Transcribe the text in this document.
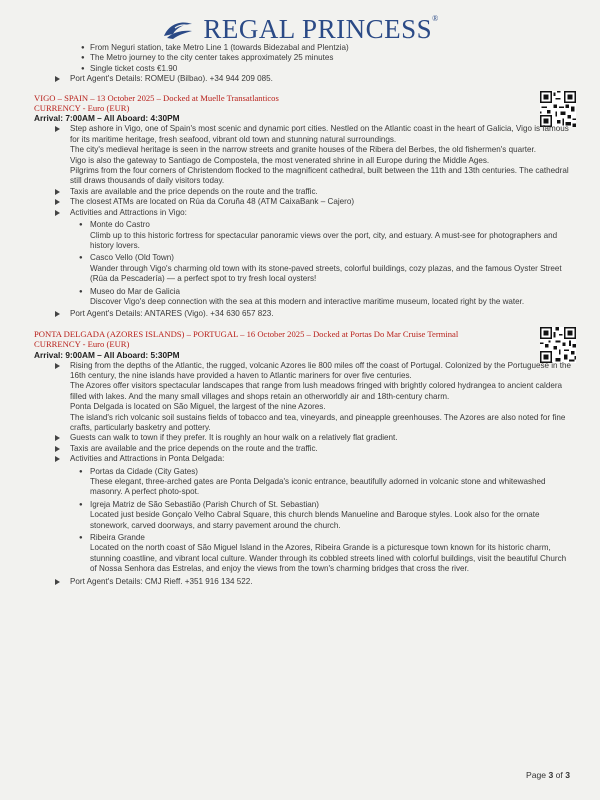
REGAL PRINCESS®
● From Neguri station, take Metro Line 1 (towards Bidezabal and Plentzia)
● The Metro journey to the city center takes approximately 25 minutes
● Single ticket costs €1.90
Port Agent's Details: ROMEU (Bilbao). +34 944 209 085.
VIGO – SPAIN – 13 October 2025 – Docked at Muelle Transatlanticos
CURRENCY - Euro (EUR)
Arrival: 7:00AM – All Aboard: 4:30PM
Step ashore in Vigo, one of Spain's most scenic and dynamic port cities. Nestled on the Atlantic coast in the heart of Galicia, Vigo is famous for its maritime heritage, fresh seafood, vibrant old town and stunning natural surroundings.
The city's medieval heritage is seen in the narrow streets and granite houses of the Ribera del Berbes, the old fishermen's quarter.
Vigo is also the gateway to Santiago de Compostela, the most venerated shrine in all Europe during the Middle Ages.
Pilgrims from the four corners of Christendom flocked to the magnificent cathedral, built between the 11th and 13th centuries. The cathedral still draws thousands of daily visitors today.
Taxis are available and the price depends on the route and the traffic.
The closest ATMs are located on Rúa da Coruña 48 (ATM CaixaBank – Cajero)
Activities and Attractions in Vigo:
● Monte do Castro
Climb up to this historic fortress for spectacular panoramic views over the port, city, and estuary. A must-see for photographers and history lovers.
● Casco Vello (Old Town)
Wander through Vigo's charming old town with its stone-paved streets, colorful buildings, cozy plazas, and the famous Oyster Street (Rúa da Pescadería) — a perfect spot to try fresh local oysters!
● Museo do Mar de Galicia
Discover Vigo's deep connection with the sea at this modern and interactive maritime museum, located right by the water.
Port Agent's Details: ANTARES (Vigo). +34 630 657 823.
PONTA DELGADA (AZORES ISLANDS) – PORTUGAL – 16 October 2025 – Docked at Portas Do Mar Cruise Terminal
CURRENCY - Euro (EUR)
Arrival: 9:00AM – All Aboard: 5:30PM
Rising from the depths of the Atlantic, the rugged, volcanic Azores lie 800 miles off the coast of Portugal. Colonized by the Portuguese in the 16th century, the nine islands have provided a haven to Atlantic mariners for over five centuries.
The Azores offer visitors spectacular landscapes that range from lush meadows fringed with brightly colored hydrangea to ancient caldera filled with lakes. And the many small villages and shops retain an otherworldly air and 18th-century charm.
Ponta Delgada is located on São Miguel, the largest of the nine Azores.
The island's rich volcanic soil sustains fields of tobacco and tea, vineyards, and pineapple greenhouses. The Azores are also noted for fine crafts, particularly basketry and pottery.
Guests can walk to town if they prefer. It is roughly an hour walk on a relatively flat gradient.
Taxis are available and the price depends on the route and the traffic.
Activities and Attractions in Ponta Delgada:
● Portas da Cidade (City Gates)
These elegant, three-arched gates are Ponta Delgada's iconic entrance, beautifully adorned in volcanic stone and whitewashed masonry. A perfect photo-spot.
● Igreja Matriz de São Sebastião (Parish Church of St. Sebastian)
Located just beside Gonçalo Velho Cabral Square, this church blends Manueline and Baroque styles. Look also for the ornate stonework, carved doorways, and starry pavement around the church.
● Ribeira Grande
Located on the north coast of São Miguel Island in the Azores, Ribeira Grande is a picturesque town known for its historic charm, stunning coastline, and vibrant local culture. Wander through its cobbled streets lined with colorful buildings, visit the beautiful Church of Nossa Senhora das Estrelas, and enjoy the views from the town's charming bridges that cross the river.
Port Agent's Details: CMJ Rieff. +351 916 134 522.
Page 3 of 3
